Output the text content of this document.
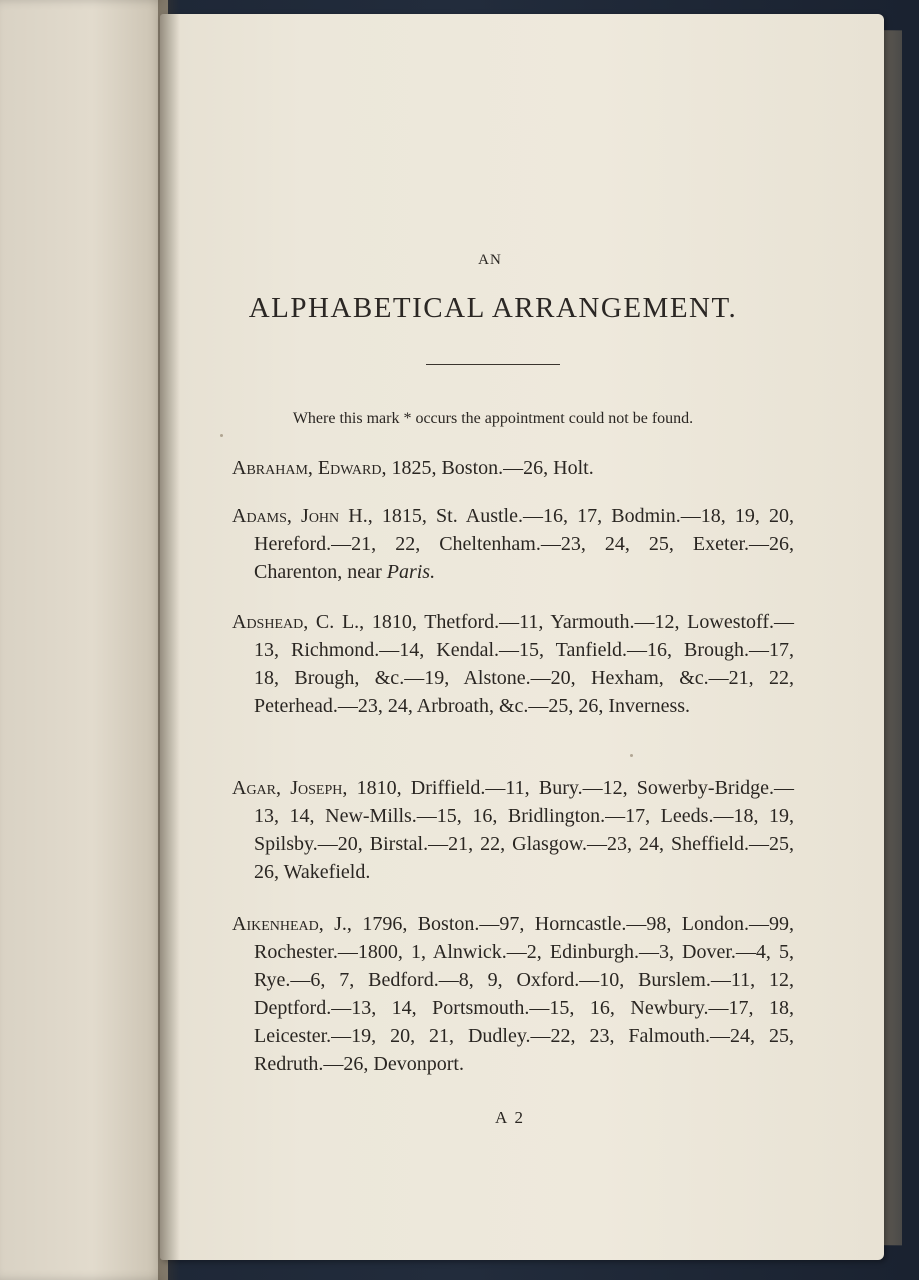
AN
ALPHABETICAL ARRANGEMENT.
Where this mark * occurs the appointment could not be found.
Abraham, Edward, 1825, Boston.—26, Holt.
Adams, John H., 1815, St. Austle.—16, 17, Bodmin.—18, 19, 20, Hereford.—21, 22, Cheltenham.—23, 24, 25, Exeter.—26, Charenton, near Paris.
Adshead, C. L., 1810, Thetford.—11, Yarmouth.—12, Lowestoff.—13, Richmond.—14, Kendal.—15, Tanfield.—16, Brough.—17, 18, Brough, &c.—19, Alstone.—20, Hexham, &c.—21, 22, Peterhead.—23, 24, Arbroath, &c.—25, 26, Inverness.
Agar, Joseph, 1810, Driffield.—11, Bury.—12, Sowerby-Bridge.—13, 14, New-Mills.—15, 16, Bridlington.—17, Leeds.—18, 19, Spilsby.—20, Birstal.—21, 22, Glasgow.—23, 24, Sheffield.—25, 26, Wakefield.
Aikenhead, J., 1796, Boston.—97, Horncastle.—98, London.—99, Rochester.—1800, 1, Alnwick.—2, Edinburgh.—3, Dover.—4, 5, Rye.—6, 7, Bedford.—8, 9, Oxford.—10, Burslem.—11, 12, Deptford.—13, 14, Portsmouth.—15, 16, Newbury.—17, 18, Leicester.—19, 20, 21, Dudley.—22, 23, Falmouth.—24, 25, Redruth.—26, Devonport.
A 2
